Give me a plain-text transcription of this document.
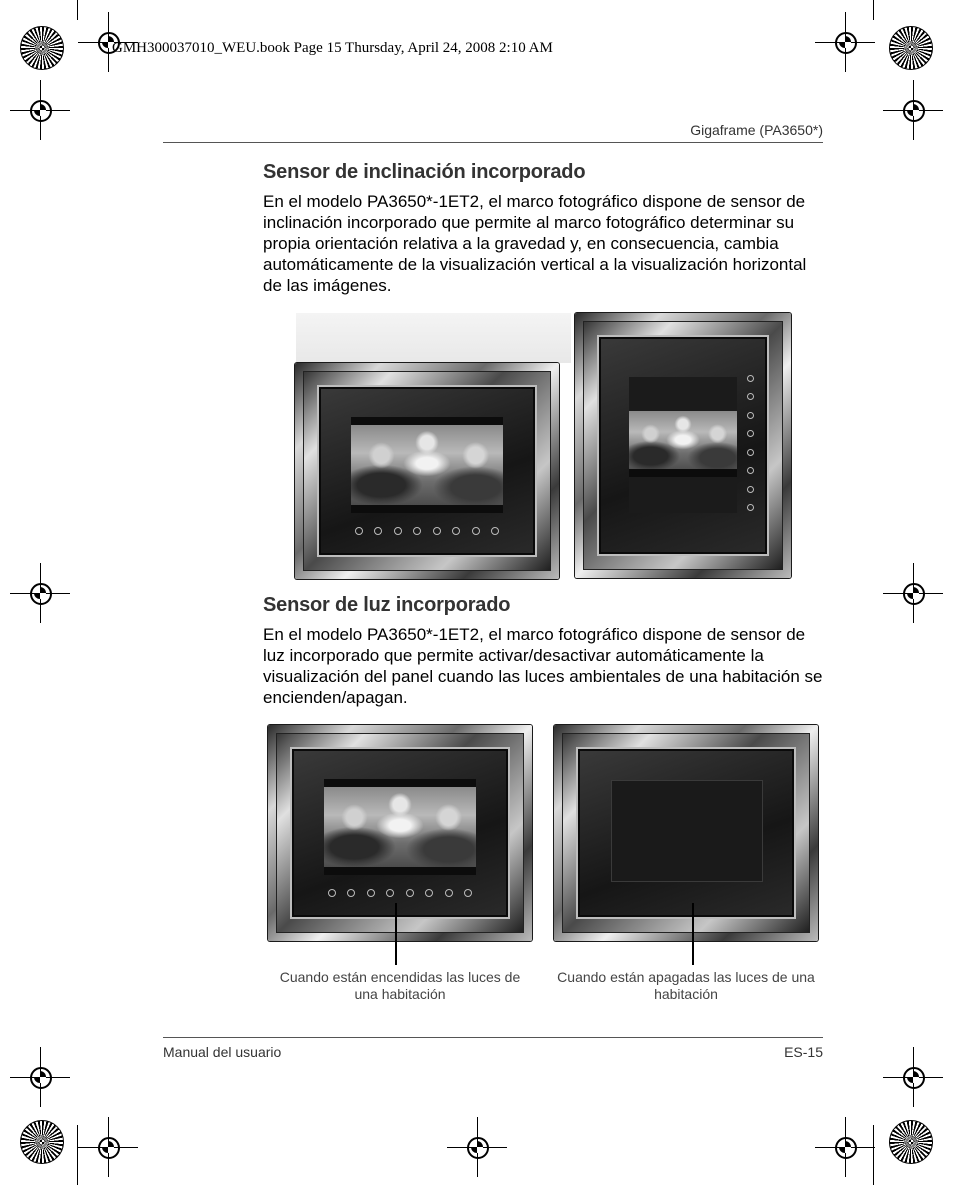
GMH300037010_WEU.book Page 15 Thursday, April 24, 2008 2:10 AM
Gigaframe (PA3650*)
Sensor de inclinación incorporado
En el modelo PA3650*-1ET2, el marco fotográfico dispone de sensor de inclinación incorporado que permite al marco fotográfico determinar su propia orientación relativa a la gravedad y, en consecuencia, cambia automáticamente de la visualización vertical a la visualización horizontal de las imágenes.
Sensor de luz incorporado
En el modelo PA3650*-1ET2, el marco fotográfico dispone de sensor de luz incorporado que permite activar/desactivar automáticamente la visualización del panel cuando las luces ambientales de una habitación se encienden/apagan.
Cuando están encendidas las luces de una habitación
Cuando están apagadas las luces de una habitación
Manual del usuario	ES-15
